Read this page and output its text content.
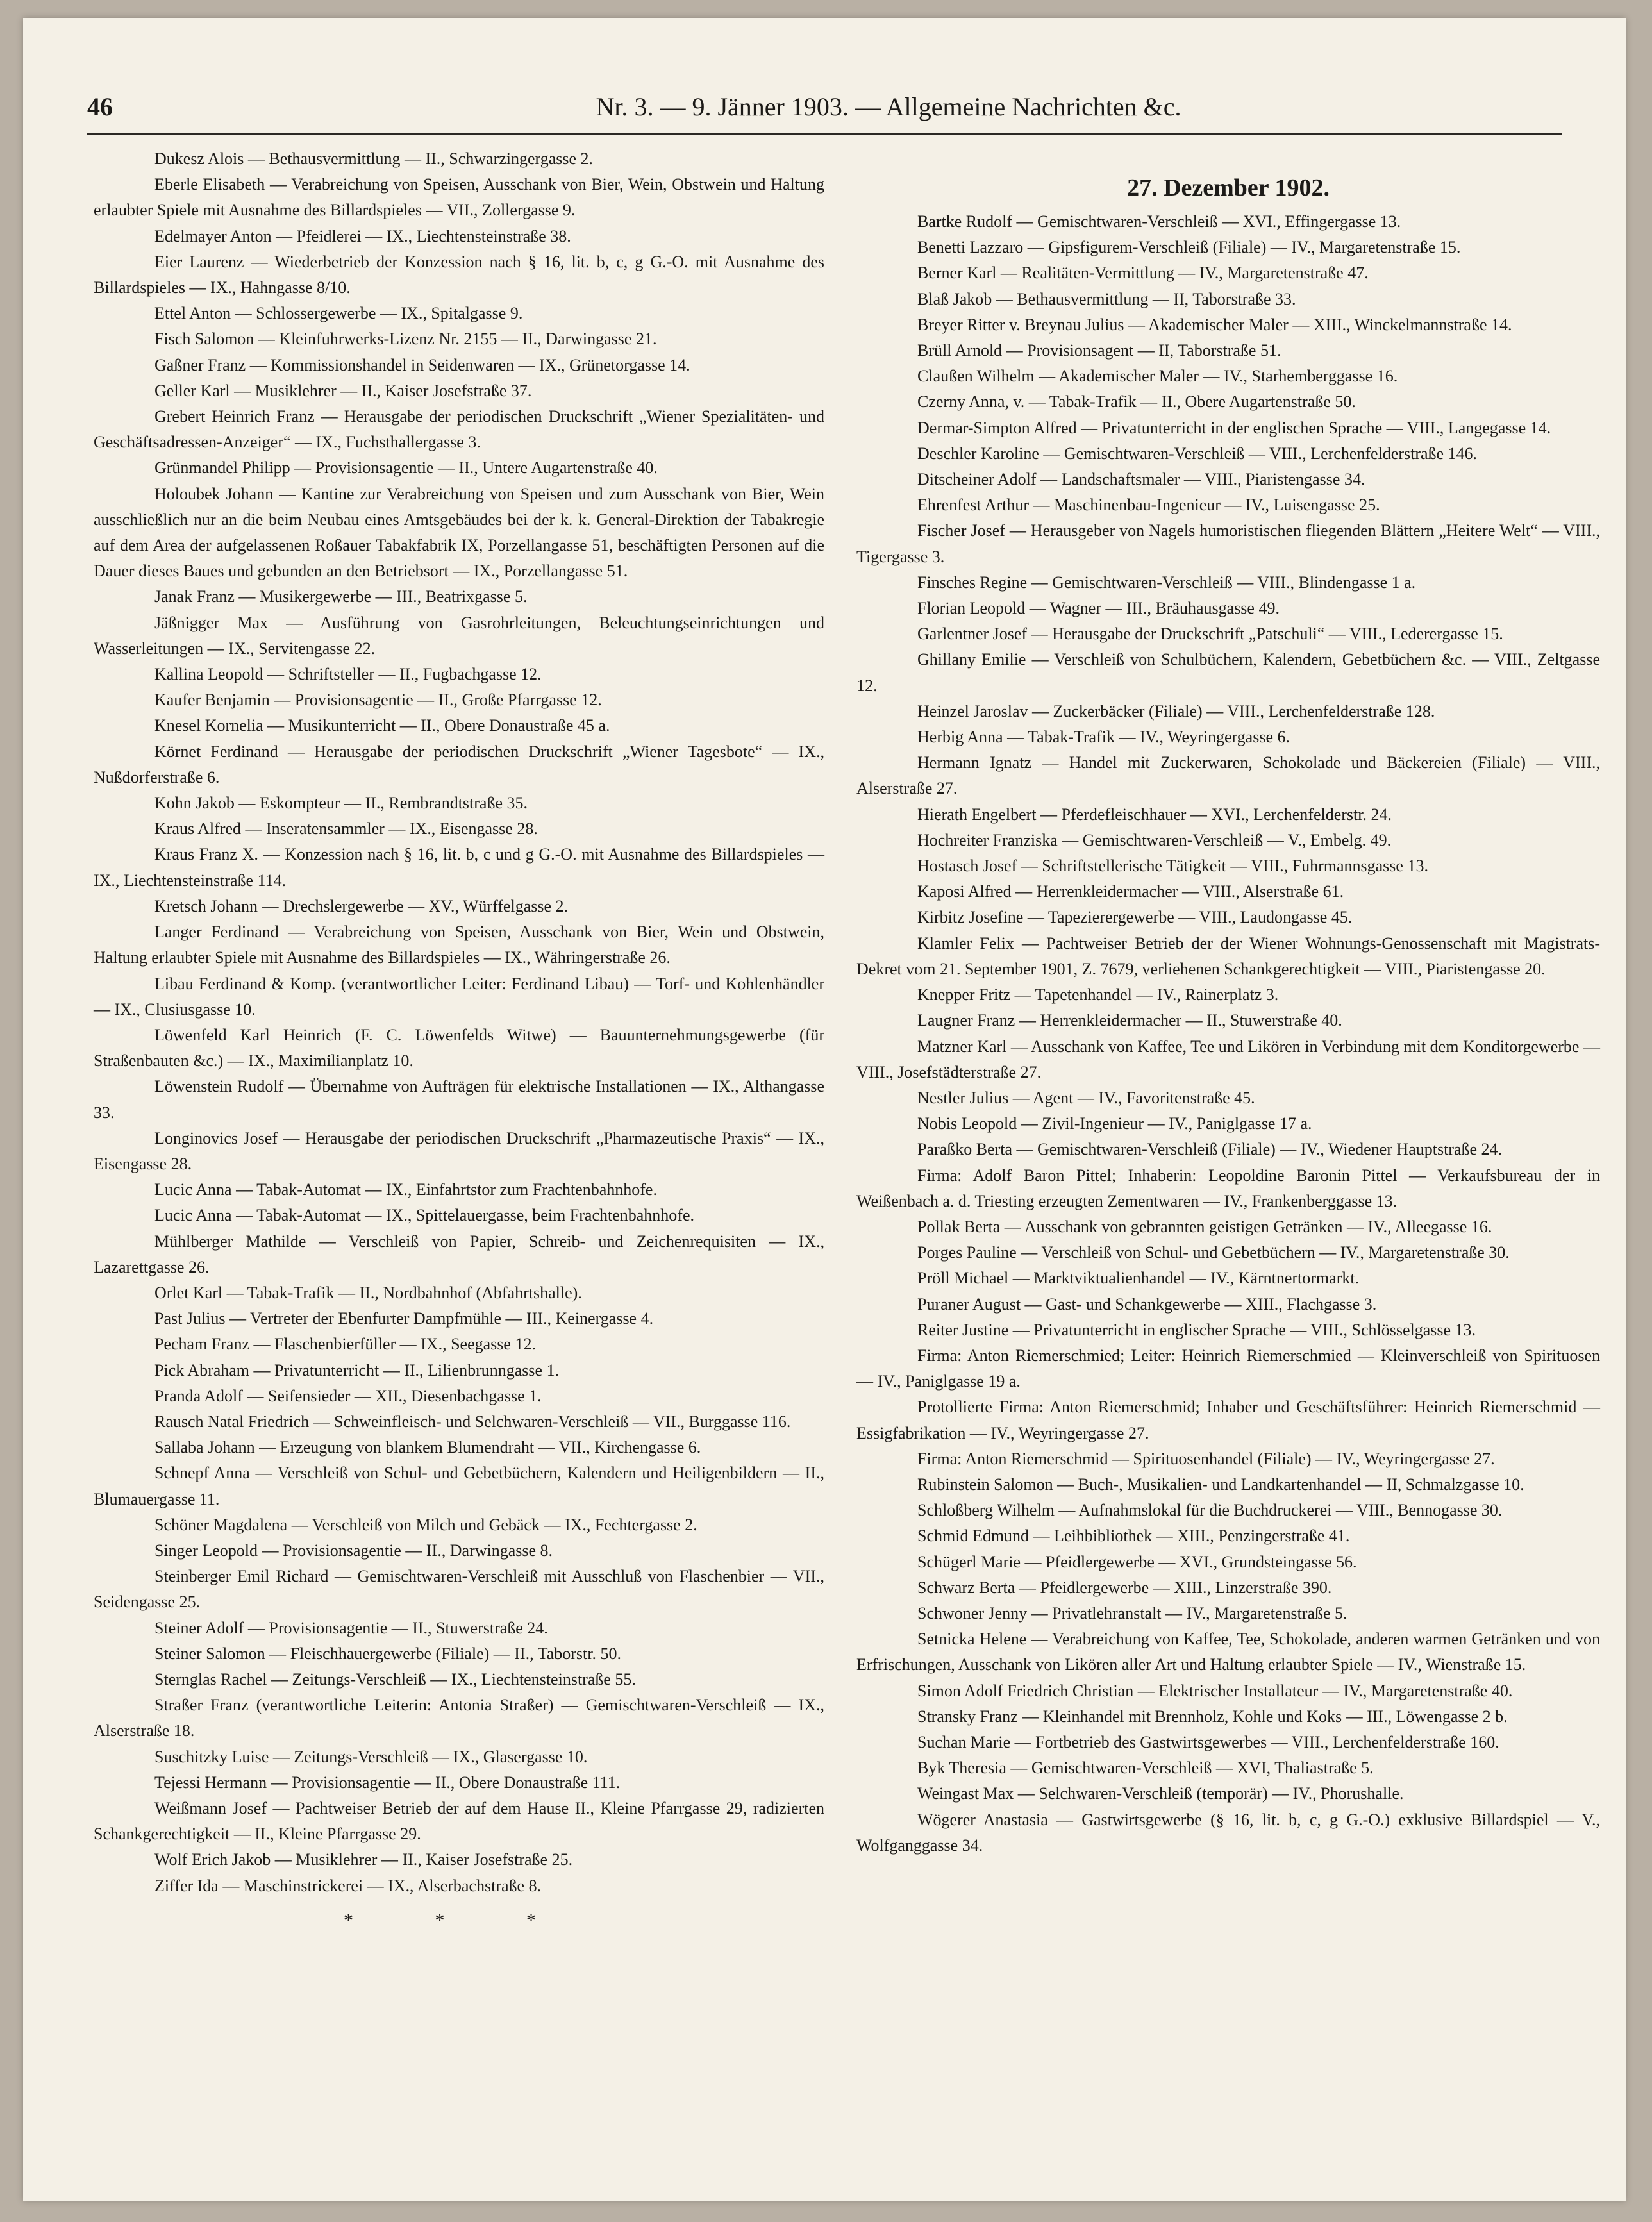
46	Nr. 3. — 9. Jänner 1903. — Allgemeine Nachrichten &c.

Dukesz Alois — Bethausvermittlung — II., Schwarzingergasse 2.

Eberle Elisabeth — Verabreichung von Speisen, Ausschank von Bier, Wein, Obstwein und Haltung erlaubter Spiele mit Ausnahme des Billardspieles — VII., Zollergasse 9.

Edelmayer Anton — Pfeidlerei — IX., Liechtensteinstraße 38.

Eier Laurenz — Wiederbetrieb der Konzession nach § 16, lit. b, c, g G.-O. mit Ausnahme des Billardspieles — IX., Hahngasse 8/10.

Ettel Anton — Schlossergewerbe — IX., Spitalgasse 9.

Fisch Salomon — Kleinfuhrwerks-Lizenz Nr. 2155 — II., Darwingasse 21.

Gaßner Franz — Kommissionshandel in Seidenwaren — IX., Grünetorgasse 14.

Geller Karl — Musiklehrer — II., Kaiser Josefstraße 37.

Grebert Heinrich Franz — Herausgabe der periodischen Druckschrift „Wiener Spezialitäten- und Geschäftsadressen-Anzeiger“ — IX., Fuchsthallergasse 3.

Grünmandel Philipp — Provisionsagentie — II., Untere Augartenstraße 40.

Holoubek Johann — Kantine zur Verabreichung von Speisen und zum Ausschank von Bier, Wein ausschließlich nur an die beim Neubau eines Amtsgebäudes bei der k. k. General-Direktion der Tabakregie auf dem Area der aufgelassenen Roßauer Tabakfabrik IX, Porzellangasse 51, beschäftigten Personen auf die Dauer dieses Baues und gebunden an den Betriebsort — IX., Porzellangasse 51.

Janak Franz — Musikergewerbe — III., Beatrixgasse 5.

Jäßnigger Max — Ausführung von Gasrohrleitungen, Beleuchtungseinrichtungen und Wasserleitungen — IX., Servitengasse 22.

Kallina Leopold — Schriftsteller — II., Fugbachgasse 12.

Kaufer Benjamin — Provisionsagentie — II., Große Pfarrgasse 12.

Knesel Kornelia — Musikunterricht — II., Obere Donaustraße 45 a.

Körnet Ferdinand — Herausgabe der periodischen Druckschrift „Wiener Tagesbote“ — IX., Nußdorferstraße 6.

Kohn Jakob — Eskompteur — II., Rembrandtstraße 35.

Kraus Alfred — Inseratensammler — IX., Eisengasse 28.

Kraus Franz X. — Konzession nach § 16, lit. b, c und g G.-O. mit Ausnahme des Billardspieles — IX., Liechtensteinstraße 114.

Kretsch Johann — Drechslergewerbe — XV., Würffelgasse 2.

Langer Ferdinand — Verabreichung von Speisen, Ausschank von Bier, Wein und Obstwein, Haltung erlaubter Spiele mit Ausnahme des Billardspieles — IX., Währingerstraße 26.

Libau Ferdinand & Komp. (verantwortlicher Leiter: Ferdinand Libau) — Torf- und Kohlenhändler — IX., Clusiusgasse 10.

Löwenfeld Karl Heinrich (F. C. Löwenfelds Witwe) — Bauunternehmungsgewerbe (für Straßenbauten &c.) — IX., Maximilianplatz 10.

Löwenstein Rudolf — Übernahme von Aufträgen für elektrische Installationen — IX., Althangasse 33.

Longinovics Josef — Herausgabe der periodischen Druckschrift „Pharmazeutische Praxis“ — IX., Eisengasse 28.

Lucic Anna — Tabak-Automat — IX., Einfahrtstor zum Frachtenbahnhofe.

Lucic Anna — Tabak-Automat — IX., Spittelauergasse, beim Frachtenbahnhofe.

Mühlberger Mathilde — Verschleiß von Papier, Schreib- und Zeichenrequisiten — IX., Lazarettgasse 26.

Orlet Karl — Tabak-Trafik — II., Nordbahnhof (Abfahrtshalle).

Past Julius — Vertreter der Ebenfurter Dampfmühle — III., Keinergasse 4.

Pecham Franz — Flaschenbierfüller — IX., Seegasse 12.

Pick Abraham — Privatunterricht — II., Lilienbrunngasse 1.

Pranda Adolf — Seifensieder — XII., Diesenbachgasse 1.

Rausch Natal Friedrich — Schweinfleisch- und Selchwaren-Verschleiß — VII., Burggasse 116.

Sallaba Johann — Erzeugung von blankem Blumendraht — VII., Kirchengasse 6.

Schnepf Anna — Verschleiß von Schul- und Gebetbüchern, Kalendern und Heiligenbildern — II., Blumauergasse 11.

Schöner Magdalena — Verschleiß von Milch und Gebäck — IX., Fechtergasse 2.

Singer Leopold — Provisionsagentie — II., Darwingasse 8.

Steinberger Emil Richard — Gemischtwaren-Verschleiß mit Ausschluß von Flaschenbier — VII., Seidengasse 25.

Steiner Adolf — Provisionsagentie — II., Stuwerstraße 24.

Steiner Salomon — Fleischhauergewerbe (Filiale) — II., Taborstr. 50.

Sternglas Rachel — Zeitungs-Verschleiß — IX., Liechtensteinstraße 55.

Straßer Franz (verantwortliche Leiterin: Antonia Straßer) — Gemischtwaren-Verschleiß — IX., Alserstraße 18.

Suschitzky Luise — Zeitungs-Verschleiß — IX., Glasergasse 10.

Tejessi Hermann — Provisionsagentie — II., Obere Donaustraße 111.

Weißmann Josef — Pachtweiser Betrieb der auf dem Hause II., Kleine Pfarrgasse 29, radizierten Schankgerechtigkeit — II., Kleine Pfarrgasse 29.

Wolf Erich Jakob — Musiklehrer — II., Kaiser Josefstraße 25.

Ziffer Ida — Maschinstrickerei — IX., Alserbachstraße 8.

* * *
27. Dezember 1902.

Bartke Rudolf — Gemischtwaren-Verschleiß — XVI., Effingergasse 13.

Benetti Lazzaro — Gipsfigurem-Verschleiß (Filiale) — IV., Margaretenstraße 15.

Berner Karl — Realitäten-Vermittlung — IV., Margaretenstraße 47.

Blaß Jakob — Bethausvermittlung — II, Taborstraße 33.

Breyer Ritter v. Breynau Julius — Akademischer Maler — XIII., Winckelmannstraße 14.

Brüll Arnold — Provisionsagent — II, Taborstraße 51.

Claußen Wilhelm — Akademischer Maler — IV., Starhemberggasse 16.

Czerny Anna, v. — Tabak-Trafik — II., Obere Augartenstraße 50.

Dermar-Simpton Alfred — Privatunterricht in der englischen Sprache — VIII., Langegasse 14.

Deschler Karoline — Gemischtwaren-Verschleiß — VIII., Lerchenfelderstraße 146.

Ditscheiner Adolf — Landschaftsmaler — VIII., Piaristengasse 34.

Ehrenfest Arthur — Maschinenbau-Ingenieur — IV., Luisengasse 25.

Fischer Josef — Herausgeber von Nagels humoristischen fliegenden Blättern „Heitere Welt“ — VIII., Tigergasse 3.

Finsches Regine — Gemischtwaren-Verschleiß — VIII., Blindengasse 1 a.

Florian Leopold — Wagner — III., Bräuhausgasse 49.

Garlentner Josef — Herausgabe der Druckschrift „Patschuli“ — VIII., Lederergasse 15.

Ghillany Emilie — Verschleiß von Schulbüchern, Kalendern, Gebetbüchern &c. — VIII., Zeltgasse 12.

Heinzel Jaroslav — Zuckerbäcker (Filiale) — VIII., Lerchenfelderstraße 128.

Herbig Anna — Tabak-Trafik — IV., Weyringergasse 6.

Hermann Ignatz — Handel mit Zuckerwaren, Schokolade und Bäckereien (Filiale) — VIII., Alserstraße 27.

Hierath Engelbert — Pferdefleischhauer — XVI., Lerchenfelderstr. 24.

Hochreiter Franziska — Gemischtwaren-Verschleiß — V., Embelg. 49.

Hostasch Josef — Schriftstellerische Tätigkeit — VIII., Fuhrmannsgasse 13.

Kaposi Alfred — Herrenkleidermacher — VIII., Alserstraße 61.

Kirbitz Josefine — Tapezierergewerbe — VIII., Laudongasse 45.

Klamler Felix — Pachtweiser Betrieb der der Wiener Wohnungs-Genossenschaft mit Magistrats-Dekret vom 21. September 1901, Z. 7679, verliehenen Schankgerechtigkeit — VIII., Piaristengasse 20.

Knepper Fritz — Tapetenhandel — IV., Rainerplatz 3.

Laugner Franz — Herrenkleidermacher — II., Stuwerstraße 40.

Matzner Karl — Ausschank von Kaffee, Tee und Likören in Verbindung mit dem Konditorgewerbe — VIII., Josefstädterstraße 27.

Nestler Julius — Agent — IV., Favoritenstraße 45.

Nobis Leopold — Zivil-Ingenieur — IV., Paniglgasse 17 a.

Paraßko Berta — Gemischtwaren-Verschleiß (Filiale) — IV., Wiedener Hauptstraße 24.

Firma: Adolf Baron Pittel; Inhaberin: Leopoldine Baronin Pittel — Verkaufsbureau der in Weißenbach a. d. Triesting erzeugten Zementwaren — IV., Frankenberggasse 13.

Pollak Berta — Ausschank von gebrannten geistigen Getränken — IV., Alleegasse 16.

Porges Pauline — Verschleiß von Schul- und Gebetbüchern — IV., Margaretenstraße 30.

Pröll Michael — Marktviktualienhandel — IV., Kärntnertormarkt.

Puraner August — Gast- und Schankgewerbe — XIII., Flachgasse 3.

Reiter Justine — Privatunterricht in englischer Sprache — VIII., Schlösselgasse 13.

Firma: Anton Riemerschmied; Leiter: Heinrich Riemerschmied — Kleinverschleiß von Spirituosen — IV., Paniglgasse 19 a.

Protollierte Firma: Anton Riemerschmid; Inhaber und Geschäftsführer: Heinrich Riemerschmid — Essigfabrikation — IV., Weyringergasse 27.

Firma: Anton Riemerschmid — Spirituosenhandel (Filiale) — IV., Weyringergasse 27.

Rubinstein Salomon — Buch-, Musikalien- und Landkartenhandel — II, Schmalzgasse 10.

Schloßberg Wilhelm — Aufnahmslokal für die Buchdruckerei — VIII., Bennogasse 30.

Schmid Edmund — Leihbibliothek — XIII., Penzingerstraße 41.

Schügerl Marie — Pfeidlergewerbe — XVI., Grundsteingasse 56.

Schwarz Berta — Pfeidlergewerbe — XIII., Linzerstraße 390.

Schwoner Jenny — Privatlehranstalt — IV., Margaretenstraße 5.

Setnicka Helene — Verabreichung von Kaffee, Tee, Schokolade, anderen warmen Getränken und von Erfrischungen, Ausschank von Likören aller Art und Haltung erlaubter Spiele — IV., Wienstraße 15.

Simon Adolf Friedrich Christian — Elektrischer Installateur — IV., Margaretenstraße 40.

Stransky Franz — Kleinhandel mit Brennholz, Kohle und Koks — III., Löwengasse 2 b.

Suchan Marie — Fortbetrieb des Gastwirtsgewerbes — VIII., Lerchenfelderstraße 160.

Byk Theresia — Gemischtwaren-Verschleiß — XVI, Thaliastraße 5.

Weingast Max — Selchwaren-Verschleiß (temporär) — IV., Phorushalle.

Wögerer Anastasia — Gastwirtsgewerbe (§ 16, lit. b, c, g G.-O.) exklusive Billardspiel — V., Wolfganggasse 34.
